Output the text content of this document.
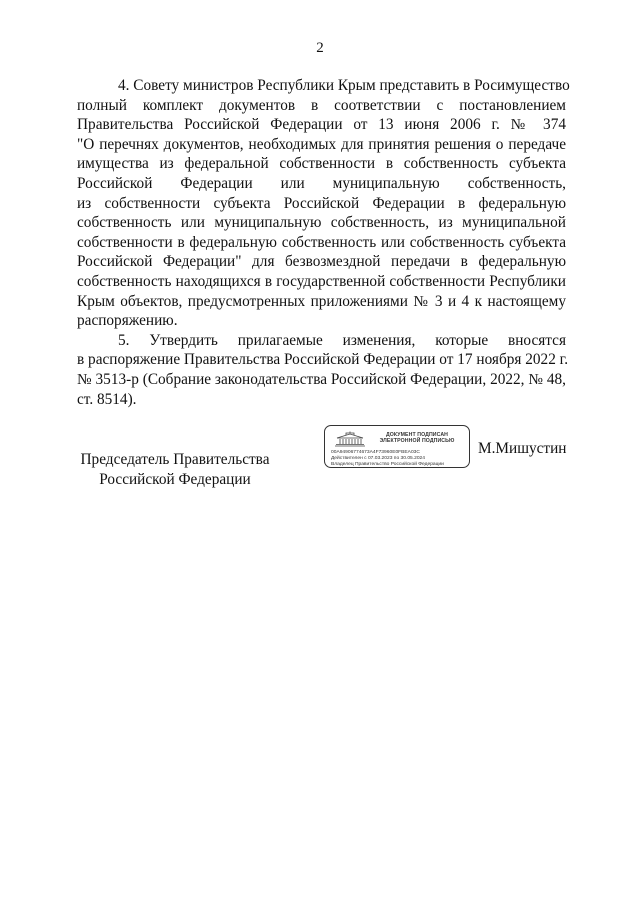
2
4. Совету министров Республики Крым представить в Росимущество
полный комплект документов в соответствии с постановлением
Правительства Российской Федерации от 13 июня 2006 г. № 374
"О перечнях документов, необходимых для принятия решения о передаче
имущества из федеральной собственности в собственность субъекта
Российской Федерации или муниципальную собственность,
из собственности субъекта Российской Федерации в федеральную
собственность или муниципальную собственность, из муниципальной
собственности в федеральную собственность или собственность субъекта
Российской Федерации" для безвозмездной передачи в федеральную
собственность находящихся в государственной собственности Республики
Крым объектов, предусмотренных приложениями № 3 и 4 к настоящему
распоряжению.
5. Утвердить прилагаемые изменения, которые вносятся
в распоряжение Правительства Российской Федерации от 17 ноября 2022 г.
№ 3513-р (Собрание законодательства Российской Федерации, 2022, № 48,
ст. 8514).
Председатель Правительства
Российской Федерации
ДОКУМЕНТ ПОДПИСАН
ЭЛЕКТРОННОЙ ПОДПИСЬЮ
00A94906774673A4F73960E0FBEA03C
Действителен с 07.03.2023 по 30.05.2024
Владелец Правительство Российской Федерации
М.Мишустин
